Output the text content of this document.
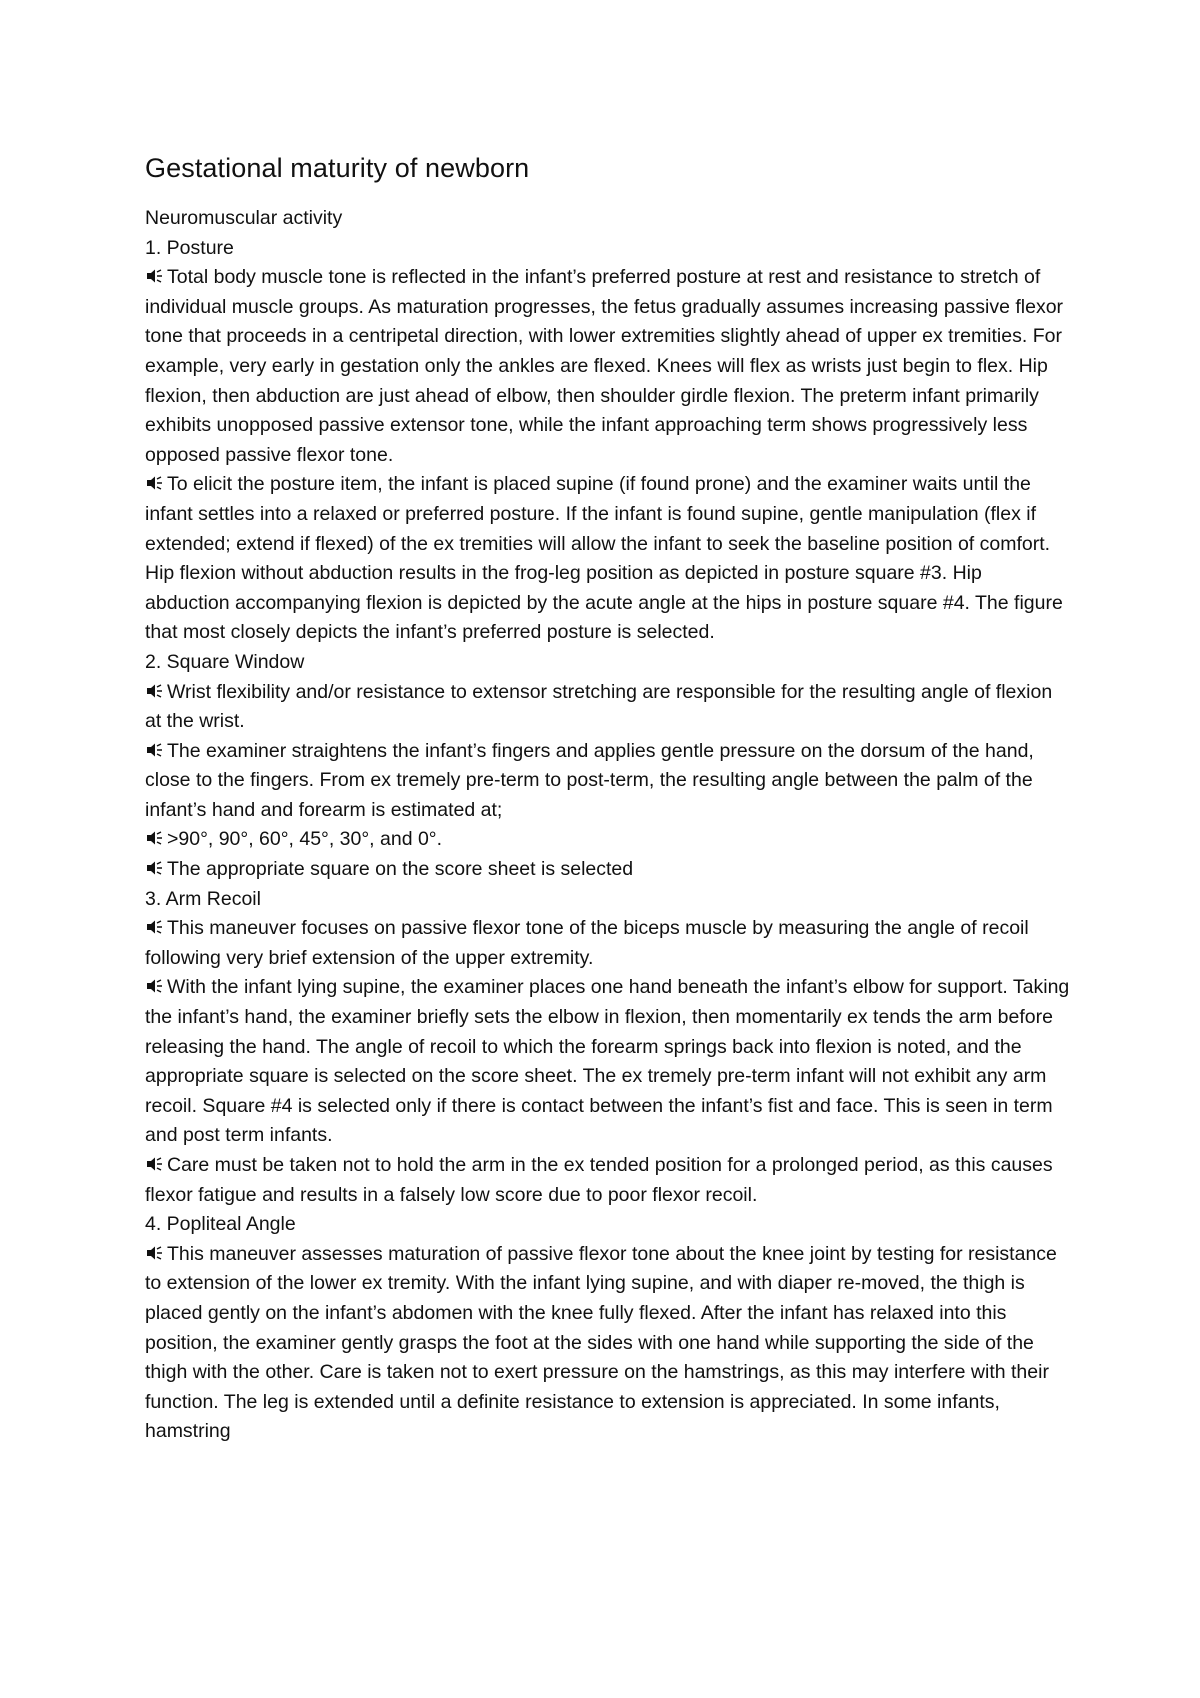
Gestational maturity of newborn

Neuromuscular activity

1. Posture

Total body muscle tone is reflected in the infant’s preferred posture at rest and resistance to stretch of individual muscle groups. As maturation progresses, the fetus gradually assumes increasing passive flexor tone that proceeds in a centripetal direction, with lower extremities slightly ahead of upper ex tremities. For example, very early in gestation only the ankles are flexed. Knees will flex as wrists just begin to flex. Hip flexion, then abduction are just ahead of elbow, then shoulder girdle flexion. The preterm infant primarily exhibits unopposed passive extensor tone, while the infant approaching term shows progressively less opposed passive flexor tone.

To elicit the posture item, the infant is placed supine (if found prone) and the examiner waits until the infant settles into a relaxed or preferred posture. If the infant is found supine, gentle manipulation (flex if extended; extend if flexed) of the ex tremities will allow the infant to seek the baseline position of comfort. Hip flexion without abduction results in the frog-leg position as depicted in posture square #3. Hip abduction accompanying flexion is depicted by the acute angle at the hips in posture square #4. The figure that most closely depicts the infant’s preferred posture is selected.

2. Square Window

Wrist flexibility and/or resistance to extensor stretching are responsible for the resulting angle of flexion at the wrist.

The examiner straightens the infant’s fingers and applies gentle pressure on the dorsum of the hand, close to the fingers. From ex tremely pre-term to post-term, the resulting angle between the palm of the infant’s hand and forearm is estimated at;

>90°, 90°, 60°, 45°, 30°, and 0°.

The appropriate square on the score sheet is selected

3. Arm Recoil

This maneuver focuses on passive flexor tone of the biceps muscle by measuring the angle of recoil following very brief extension of the upper extremity.

With the infant lying supine, the examiner places one hand beneath the infant’s elbow for support. Taking the infant’s hand, the examiner briefly sets the elbow in flexion, then momentarily ex tends the arm before releasing the hand. The angle of recoil to which the forearm springs back into flexion is noted, and the appropriate square is selected on the score sheet. The ex tremely pre-term infant will not exhibit any arm recoil. Square #4 is selected only if there is contact between the infant’s fist and face. This is seen in term and post term infants.

Care must be taken not to hold the arm in the ex tended position for a prolonged period, as this causes flexor fatigue and results in a falsely low score due to poor flexor recoil.

4. Popliteal Angle

This maneuver assesses maturation of passive flexor tone about the knee joint by testing for resistance to extension of the lower ex tremity. With the infant lying supine, and with diaper re-moved, the thigh is placed gently on the infant’s abdomen with the knee fully flexed. After the infant has relaxed into this position, the examiner gently grasps the foot at the sides with one hand while supporting the side of the thigh with the other. Care is taken not to exert pressure on the hamstrings, as this may interfere with their function. The leg is extended until a definite resistance to extension is appreciated. In some infants, hamstring
